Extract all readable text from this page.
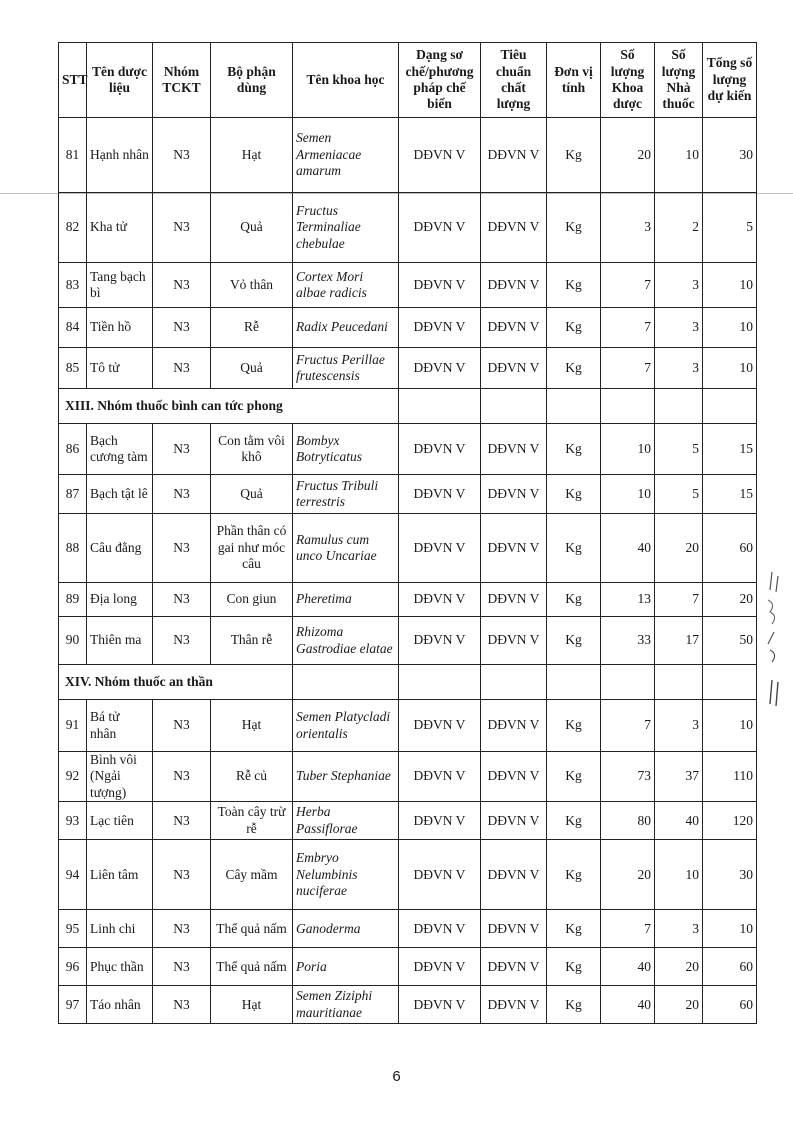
STT	Tên dược liệu	Nhóm TCKT	Bộ phận dùng	Tên khoa học	Dạng sơ chế/phương pháp chế biến	Tiêu chuẩn chất lượng	Đơn vị tính	Số lượng Khoa dược	Số lượng Nhà thuốc	Tổng số lượng dự kiến
81	Hạnh nhân	N3	Hạt	Semen Armeniacae amarum	DĐVN V	DĐVN V	Kg	20	10	30
82	Kha tử	N3	Quả	Fructus Terminaliae chebulae	DĐVN V	DĐVN V	Kg	3	2	5
83	Tang bạch bì	N3	Vỏ thân	Cortex Mori albae radicis	DĐVN V	DĐVN V	Kg	7	3	10
84	Tiền hồ	N3	Rễ	Radix Peucedani	DĐVN V	DĐVN V	Kg	7	3	10
85	Tô tử	N3	Quả	Fructus Perillae frutescensis	DĐVN V	DĐVN V	Kg	7	3	10
XIII. Nhóm thuốc bình can tức phong										
86	Bạch cương tàm	N3	Con tằm vôi khô	Bombyx Botryticatus	DĐVN V	DĐVN V	Kg	10	5	15
87	Bạch tật lê	N3	Quả	Fructus Tribuli terrestris	DĐVN V	DĐVN V	Kg	10	5	15
88	Câu đằng	N3	Phần thân có gai như móc câu	Ramulus cum unco Uncariae	DĐVN V	DĐVN V	Kg	40	20	60
89	Địa long	N3	Con giun	Pheretima	DĐVN V	DĐVN V	Kg	13	7	20
90	Thiên ma	N3	Thân rễ	Rhizoma Gastrodiae elatae	DĐVN V	DĐVN V	Kg	33	17	50
XIV. Nhóm thuốc an thần										
91	Bá tử nhân	N3	Hạt	Semen Platycladi orientalis	DĐVN V	DĐVN V	Kg	7	3	10
92	Bình vôi (Ngải tượng)	N3	Rễ củ	Tuber Stephaniae	DĐVN V	DĐVN V	Kg	73	37	110
93	Lạc tiên	N3	Toàn cây trừ rễ	Herba Passiflorae	DĐVN V	DĐVN V	Kg	80	40	120
94	Liên tâm	N3	Cây mầm	Embryo Nelumbinis nuciferae	DĐVN V	DĐVN V	Kg	20	10	30
95	Linh chi	N3	Thể quả nấm	Ganoderma	DĐVN V	DĐVN V	Kg	7	3	10
96	Phục thần	N3	Thể quả nấm	Poria	DĐVN V	DĐVN V	Kg	40	20	60
97	Táo nhân	N3	Hạt	Semen Ziziphi mauritianae	DĐVN V	DĐVN V	Kg	40	20	60
6
